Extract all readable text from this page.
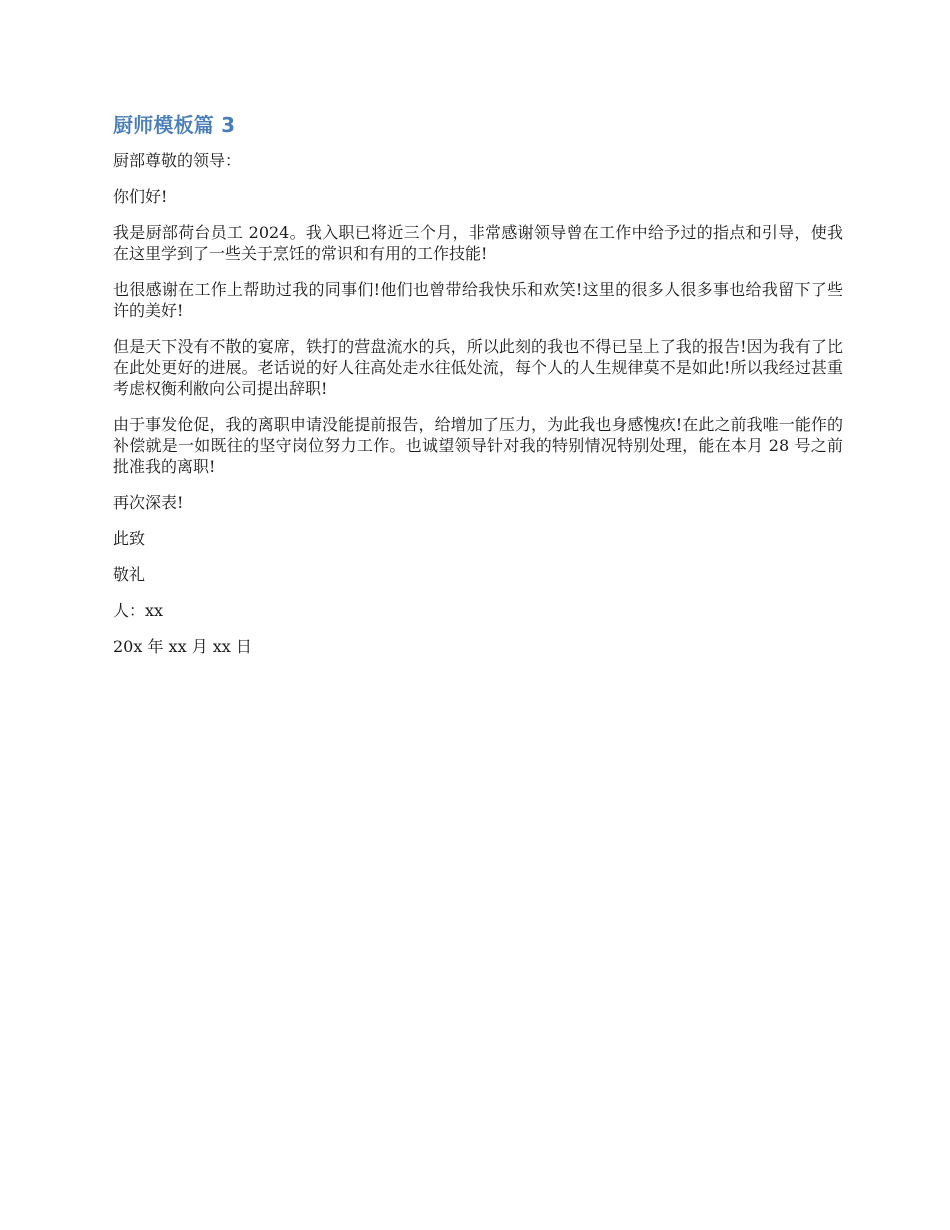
厨师模板篇 3

厨部尊敬的领导：

你们好!

我是厨部荷台员工 2024。我入职已将近三个月，非常感谢领导曾在工作中给予过的指点和引导，使我在这里学到了一些关于烹饪的常识和有用的工作技能!

也很感谢在工作上帮助过我的同事们!他们也曾带给我快乐和欢笑!这里的很多人很多事也给我留下了些许的美好!

但是天下没有不散的宴席，铁打的营盘流水的兵，所以此刻的我也不得已呈上了我的报告!因为我有了比在此处更好的进展。老话说的好人往高处走水往低处流，每个人的人生规律莫不是如此!所以我经过甚重考虑权衡利敝向公司提出辞职!

由于事发伧促，我的离职申请没能提前报告，给增加了压力，为此我也身感愧疚!在此之前我唯一能作的补偿就是一如既往的坚守岗位努力工作。也诚望领导针对我的特别情况特别处理，能在本月 28 号之前批准我的离职!

再次深表!

此致

敬礼

人：xx

20x 年 xx 月 xx 日
